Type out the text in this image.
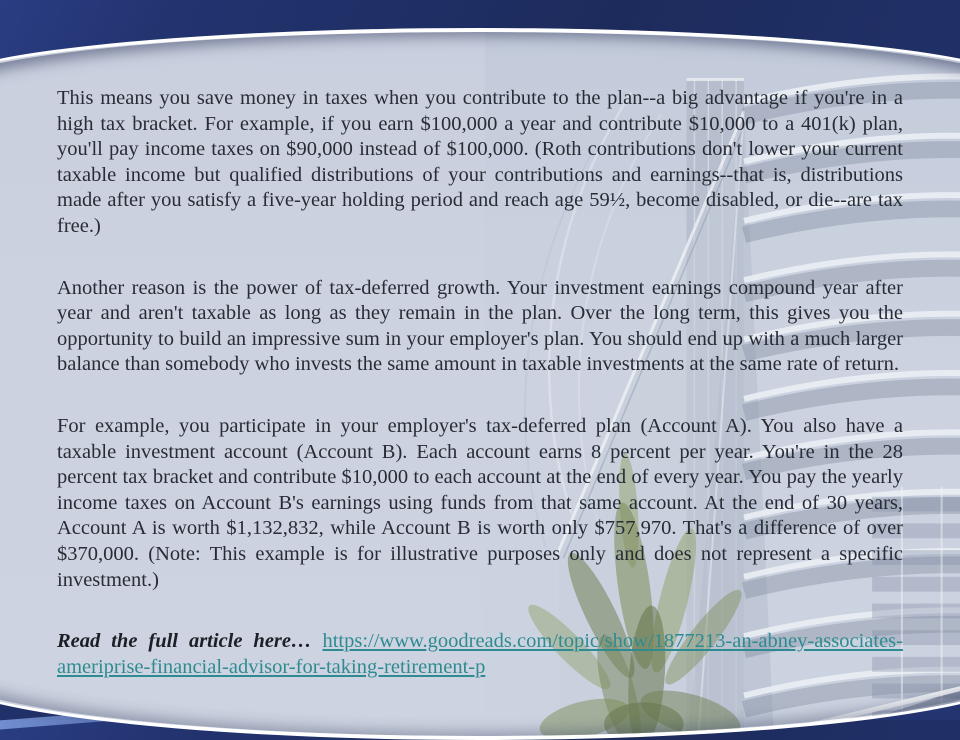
This means you save money in taxes when you contribute to the plan--a big advantage if you're in a high tax bracket. For example, if you earn $100,000 a year and contribute $10,000 to a 401(k) plan, you'll pay income taxes on $90,000 instead of $100,000. (Roth contributions don't lower your current taxable income but qualified distributions of your contributions and earnings--that is, distributions made after you satisfy a five-year holding period and reach age 59½, become disabled, or die--are tax free.)

Another reason is the power of tax-deferred growth. Your investment earnings compound year after year and aren't taxable as long as they remain in the plan. Over the long term, this gives you the opportunity to build an impressive sum in your employer's plan. You should end up with a much larger balance than somebody who invests the same amount in taxable investments at the same rate of return.

For example, you participate in your employer's tax-deferred plan (Account A). You also have a taxable investment account (Account B). Each account earns 8 percent per year. You're in the 28 percent tax bracket and contribute $10,000 to each account at the end of every year. You pay the yearly income taxes on Account B's earnings using funds from that same account. At the end of 30 years, Account A is worth $1,132,832, while Account B is worth only $757,970. That's a difference of over $370,000. (Note: This example is for illustrative purposes only and does not represent a specific investment.)

Read the full article here… https://www.goodreads.com/topic/show/1877213-an-abney-associates-ameriprise-financial-advisor-for-taking-retirement-p
